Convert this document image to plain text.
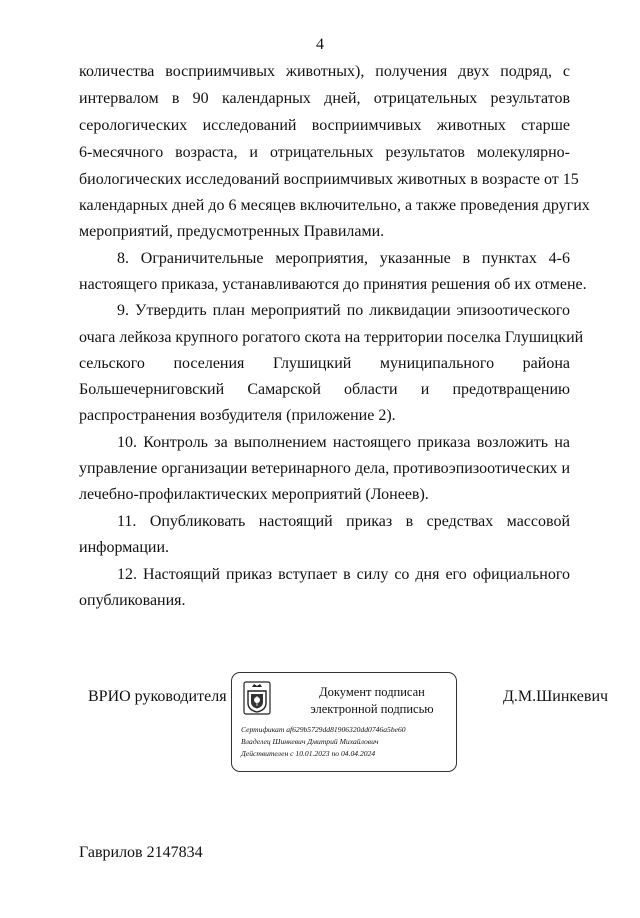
4
количества восприимчивых животных), получения двух подряд, с
интервалом в 90 календарных дней, отрицательных результатов
серологических исследований восприимчивых животных старше
6-месячного возраста, и отрицательных результатов молекулярно-
биологических исследований восприимчивых животных в возрасте от 15
календарных дней до 6 месяцев включительно, а также проведения других
мероприятий, предусмотренных Правилами.
8. Ограничительные мероприятия, указанные в пунктах 4-6
настоящего приказа, устанавливаются до принятия решения об их отмене.
9. Утвердить план мероприятий по ликвидации эпизоотического
очага лейкоза крупного рогатого скота на территории поселка Глушицкий
сельского поселения Глушицкий муниципального района
Большечерниговский Самарской области и предотвращению
распространения возбудителя (приложение 2).
10. Контроль за выполнением настоящего приказа возложить на
управление организации ветеринарного дела, противоэпизоотических и
лечебно-профилактических мероприятий (Лонеев).
11. Опубликовать настоящий приказ в средствах массовой
информации.
12. Настоящий приказ вступает в силу со дня его официального
опубликования.
ВРИО руководителя	Д.М.Шинкевич
Документ подписан
электронной подписью
Сертификат af629b5729dd81906320dd0746a5be60
Владелец Шинкевич Дмитрий Михайлович
Действителен с 10.01.2023 по 04.04.2024
Гаврилов 2147834
